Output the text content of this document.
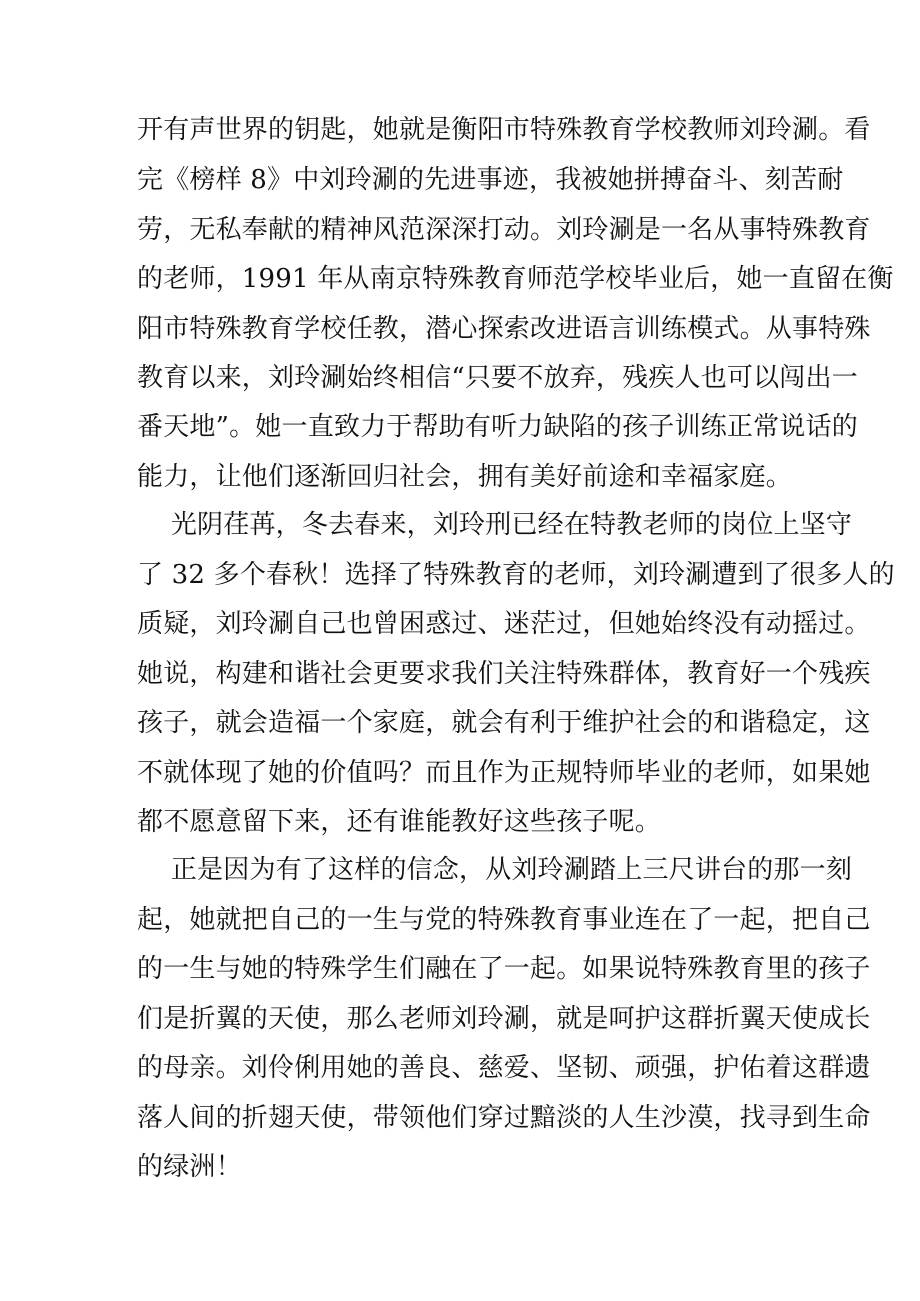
开有声世界的钥匙，她就是衡阳市特殊教育学校教师刘玲涮。看
完《榜样 8》中刘玲涮的先进事迹，我被她拼搏奋斗、刻苦耐
劳，无私奉献的精神风范深深打动。刘玲涮是一名从事特殊教育
的老师，1991 年从南京特殊教育师范学校毕业后，她一直留在衡
阳市特殊教育学校任教，潜心探索改进语言训练模式。从事特殊
教育以来，刘玲涮始终相信“只要不放弃，残疾人也可以闯出一
番天地”。她一直致力于帮助有听力缺陷的孩子训练正常说话的
能力，让他们逐渐回归社会，拥有美好前途和幸福家庭。
光阴荏苒，冬去春来，刘玲刑已经在特教老师的岗位上坚守
了 32 多个春秋！选择了特殊教育的老师，刘玲涮遭到了很多人的
质疑，刘玲涮自己也曾困惑过、迷茫过，但她始终没有动摇过。
她说，构建和谐社会更要求我们关注特殊群体，教育好一个残疾
孩子，就会造福一个家庭，就会有利于维护社会的和谐稳定，这
不就体现了她的价值吗？而且作为正规特师毕业的老师，如果她
都不愿意留下来，还有谁能教好这些孩子呢。
正是因为有了这样的信念，从刘玲涮踏上三尺讲台的那一刻
起，她就把自己的一生与党的特殊教育事业连在了一起，把自己
的一生与她的特殊学生们融在了一起。如果说特殊教育里的孩子
们是折翼的天使，那么老师刘玲涮，就是呵护这群折翼天使成长
的母亲。刘伶俐用她的善良、慈爱、坚韧、顽强，护佑着这群遗
落人间的折翅天使，带领他们穿过黯淡的人生沙漠，找寻到生命
的绿洲！
